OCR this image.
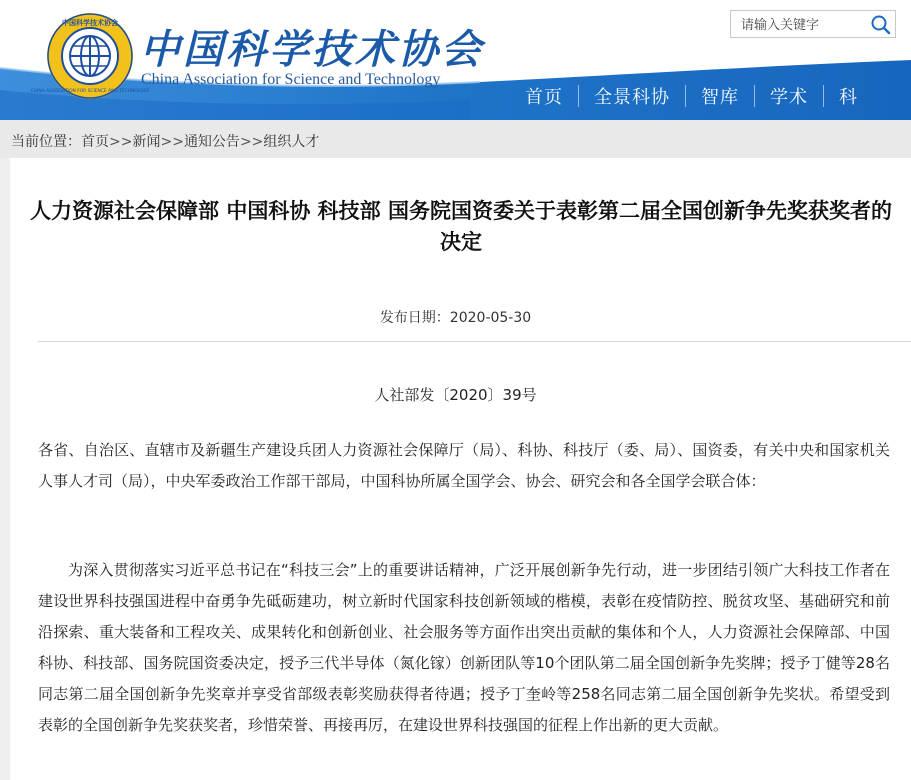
中国科学技术协会
CHINA ASSOCIATION FOR SCIENCE AND TECHNOLOGY
中国科学技术协会
China Association for Science and Technology
请输入关键字
首页	全景科协	智库	学术	科
当前位置：首页>>新闻>>通知公告>>组织人才
人力资源社会保障部 中国科协 科技部 国务院国资委关于表彰第二届全国创新争先奖获奖者的决定
发布日期：2020-05-30
人社部发〔2020〕39号

各省、自治区、直辖市及新疆生产建设兵团人力资源社会保障厅（局）、科协、科技厅（委、局）、国资委，有关中央和国家机关人事人才司（局），中央军委政治工作部干部局，中国科协所属全国学会、协会、研究会和各全国学会联合体：

为深入贯彻落实习近平总书记在“科技三会”上的重要讲话精神，广泛开展创新争先行动，进一步团结引领广大科技工作者在建设世界科技强国进程中奋勇争先砥砺建功，树立新时代国家科技创新领域的楷模，表彰在疫情防控、脱贫攻坚、基础研究和前沿探索、重大装备和工程攻关、成果转化和创新创业、社会服务等方面作出突出贡献的集体和个人，人力资源社会保障部、中国科协、科技部、国务院国资委决定，授予三代半导体（氮化镓）创新团队等10个团队第二届全国创新争先奖牌；授予丁健等28名同志第二届全国创新争先奖章并享受省部级表彰奖励获得者待遇；授予丁奎岭等258名同志第二届全国创新争先奖状。希望受到表彰的全国创新争先奖获奖者，珍惜荣誉、再接再厉，在建设世界科技强国的征程上作出新的更大贡献。
